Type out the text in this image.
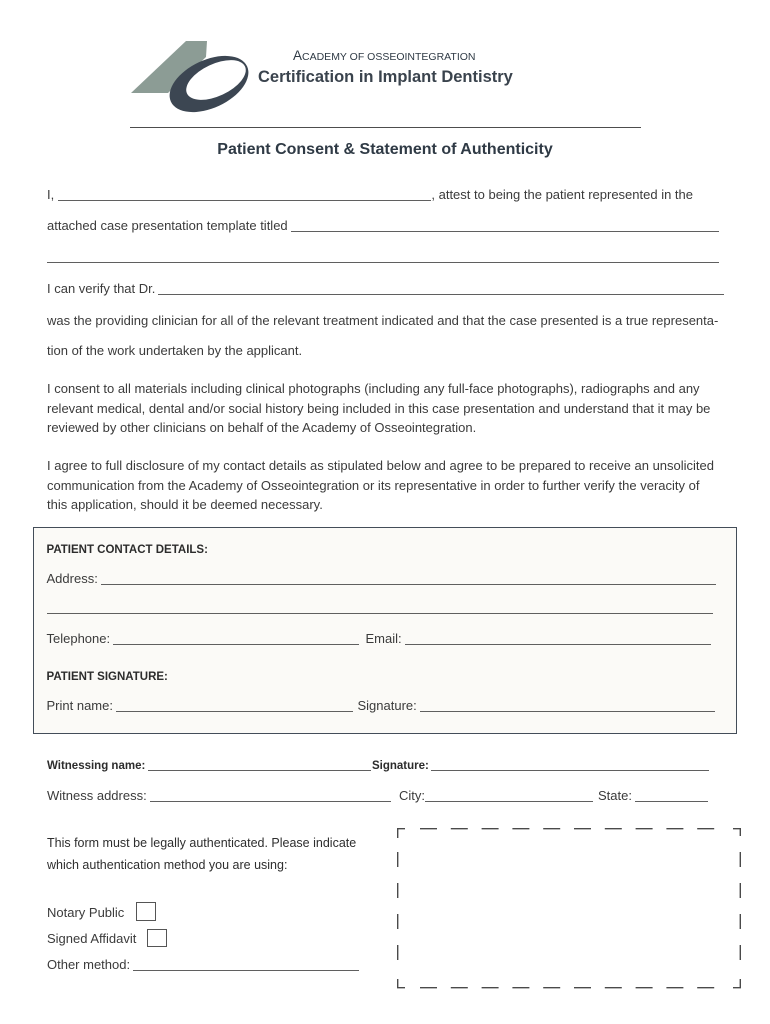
ACADEMY OF OSSEOINTEGRATION
Certification in Implant Dentistry
Patient Consent & Statement of Authenticity
I,	, attest to being the patient represented in the
attached case presentation template titled
I can verify that Dr.
was the providing clinician for all of the relevant treatment indicated and that the case presented is a true representa-
tion of the work undertaken by the applicant.
I consent to all materials including clinical photographs (including any full-face photographs), radiographs and any
relevant medical, dental and/or social history being included in this case presentation and understand that it may be
reviewed by other clinicians on behalf of the Academy of Osseointegration.
I agree to full disclosure of my contact details as stipulated below and agree to be prepared to receive an unsolicited
communication from the Academy of Osseointegration or its representative in order to further verify the veracity of
this application, should it be deemed necessary.
PATIENT CONTACT DETAILS:
Address:
Telephone:	Email:
PATIENT SIGNATURE:
Print name:	Signature:
Witnessing name:	Signature:
Witness address:	City:	State:
This form must be legally authenticated. Please indicate
which authentication method you are using:
Notary Public
Signed Affidavit
Other method:
